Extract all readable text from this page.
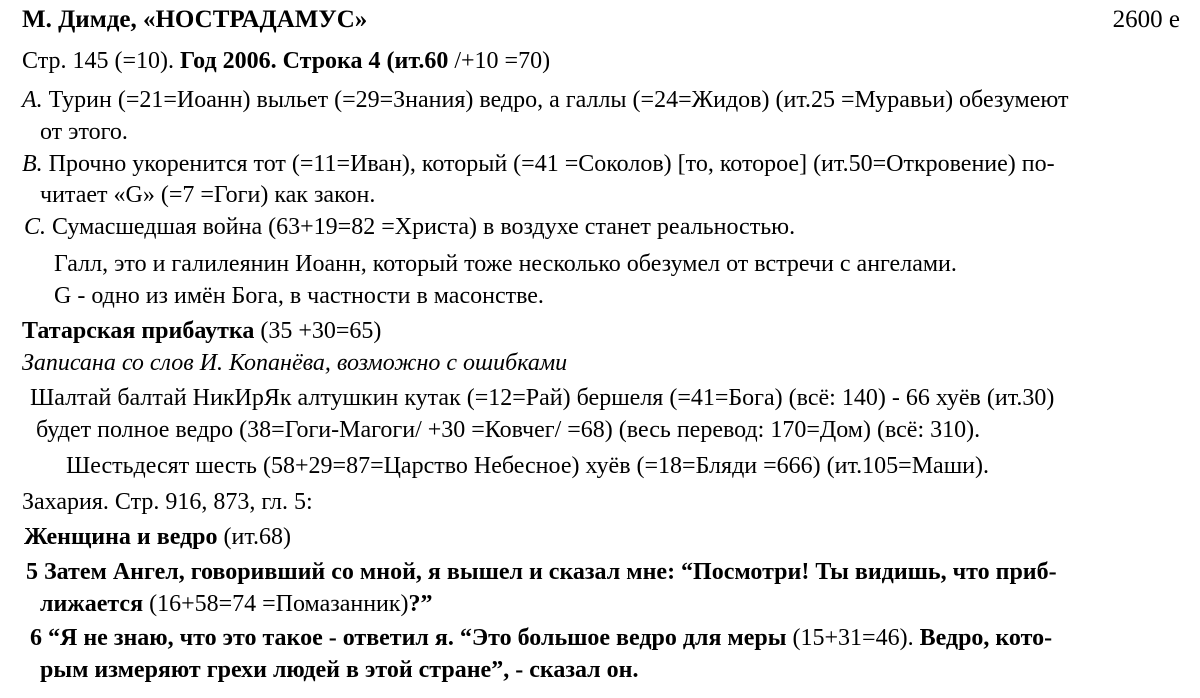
М. Димде, «НОСТРАДАМУС»	2600 е
Стр. 145 (=10). Год 2006. Строка 4 (ит.60 /+10 =70)
A. Турин (=21=Иоанн) выльет (=29=Знания) ведро, а галлы (=24=Жидов) (ит.25 =Муравьи) обезумеют
от этого.
B. Прочно укоренится тот (=11=Иван), который (=41 =Соколов) [то, которое] (ит.50=Откровение) по-
читает «G» (=7 =Гоги) как закон.
C. Сумасшедшая война (63+19=82 =Христа) в воздухе станет реальностью.
Галл, это и галилеянин Иоанн, который тоже несколько обезумел от встречи с ангелами.
G - одно из имён Бога, в частности в масонстве.
Татарская прибаутка (35 +30=65)
Записана со слов И. Копанёва, возможно с ошибками
Шалтай балтай НикИрЯк алтушкин кутак (=12=Рай) бершеля (=41=Бога) (всё: 140) - 66 хуёв (ит.30)
будет полное ведро (38=Гоги-Магоги/ +30 =Ковчег/ =68) (весь перевод: 170=Дом) (всё: 310).
Шестьдесят шесть (58+29=87=Царство Небесное) хуёв (=18=Бляди =666) (ит.105=Маши).
Захария. Стр. 916, 873, гл. 5:
Женщина и ведро (ит.68)
5 Затем Ангел, говоривший со мной, я вышел и сказал мне: “Посмотри! Ты видишь, что приб-
лижается (16+58=74 =Помазанник)?”
6 “Я не знаю, что это такое - ответил я. “Это большое ведро для меры (15+31=46). Ведро, кото-
рым измеряют грехи людей в этой стране”, - сказал он.
